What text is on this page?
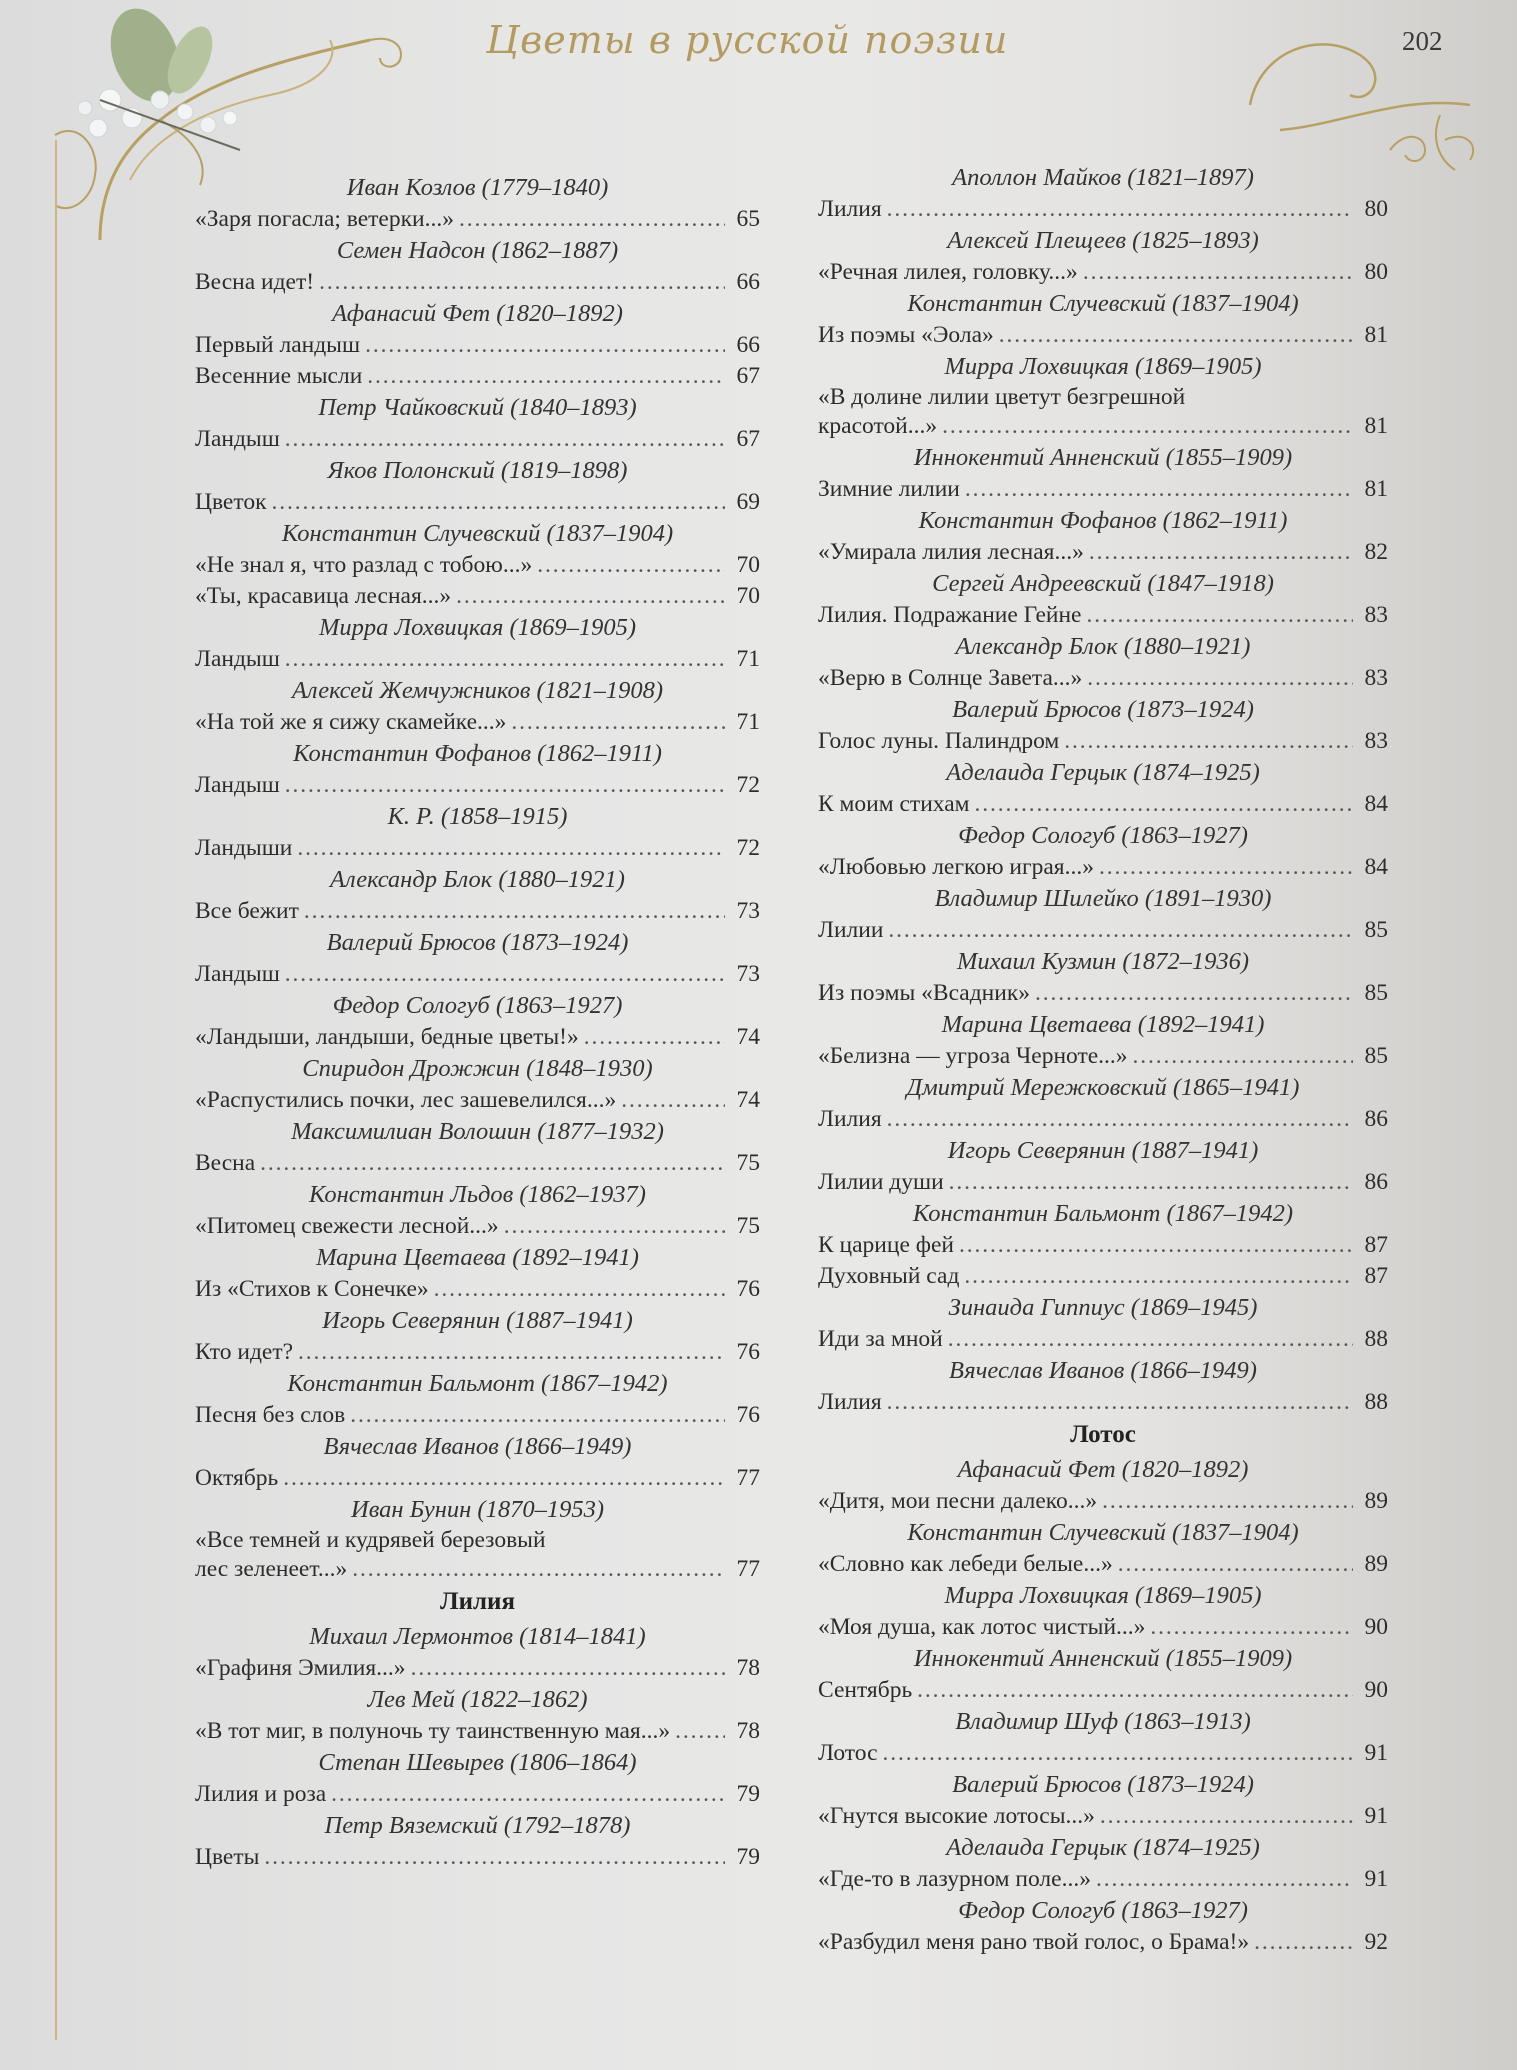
Цветы в русской поэзии	202
Иван Козлов (1779–1840)
«Заря погасла; ветерки...» . . .	65
Семен Надсон (1862–1887)
Весна идет! . . .	66
Афанасий Фет (1820–1892)
Первый ландыш . . .	66
Весенние мысли . . .	67
Петр Чайковский (1840–1893)
Ландыш . . .	67
Яков Полонский (1819–1898)
Цветок . . .	69
Константин Случевский (1837–1904)
«Не знал я, что разлад с тобою...» . . .	70
«Ты, красавица лесная...» . . .	70
Мирра Лохвицкая (1869–1905)
Ландыш . . .	71
Алексей Жемчужников (1821–1908)
«На той же я сижу скамейке...» . . .	71
Константин Фофанов (1862–1911)
Ландыш . . .	72
К. Р. (1858–1915)
Ландыши . . .	72
Александр Блок (1880–1921)
Все бежит . . .	73
Валерий Брюсов (1873–1924)
Ландыш . . .	73
Федор Сологуб (1863–1927)
«Ландыши, ландыши, бедные цветы!» . . .	74
Спиридон Дрожжин (1848–1930)
«Распустились почки, лес зашевелился...» . . .	74
Максимилиан Волошин (1877–1932)
Весна . . .	75
Константин Льдов (1862–1937)
«Питомец свежести лесной...» . . .	75
Марина Цветаева (1892–1941)
Из «Стихов к Сонечке» . . .	76
Игорь Северянин (1887–1941)
Кто идет? . . .	76
Константин Бальмонт (1867–1942)
Песня без слов . . .	76
Вячеслав Иванов (1866–1949)
Октябрь . . .	77
Иван Бунин (1870–1953)
«Все темней и кудрявей березовый
лес зеленеет...» . . .	77
Лилия
Михаил Лермонтов (1814–1841)
«Графиня Эмилия...» . . .	78
Лев Мей (1822–1862)
«В тот миг, в полуночь ту таинственную мая...» . . .	78
Степан Шевырев (1806–1864)
Лилия и роза . . .	79
Петр Вяземский (1792–1878)
Цветы . . .	79
Аполлон Майков (1821–1897)
Лилия . . .	80
Алексей Плещеев (1825–1893)
«Речная лилея, головку...» . . .	80
Константин Случевский (1837–1904)
Из поэмы «Эола» . . .	81
Мирра Лохвицкая (1869–1905)
«В долине лилии цветут безгрешной
красотой...» . . .	81
Иннокентий Анненский (1855–1909)
Зимние лилии . . .	81
Константин Фофанов (1862–1911)
«Умирала лилия лесная...» . . .	82
Сергей Андреевский (1847–1918)
Лилия. Подражание Гейне . . .	83
Александр Блок (1880–1921)
«Верю в Солнце Завета...» . . .	83
Валерий Брюсов (1873–1924)
Голос луны. Палиндром . . .	83
Аделаида Герцык (1874–1925)
К моим стихам . . .	84
Федор Сологуб (1863–1927)
«Любовью легкою играя...» . . .	84
Владимир Шилейко (1891–1930)
Лилии . . .	85
Михаил Кузмин (1872–1936)
Из поэмы «Всадник» . . .	85
Марина Цветаева (1892–1941)
«Белизна — угроза Черноте...» . . .	85
Дмитрий Мережковский (1865–1941)
Лилия . . .	86
Игорь Северянин (1887–1941)
Лилии души . . .	86
Константин Бальмонт (1867–1942)
К царице фей . . .	87
Духовный сад . . .	87
Зинаида Гиппиус (1869–1945)
Иди за мной . . .	88
Вячеслав Иванов (1866–1949)
Лилия . . .	88
Лотос
Афанасий Фет (1820–1892)
«Дитя, мои песни далеко...» . . .	89
Константин Случевский (1837–1904)
«Словно как лебеди белые...» . . .	89
Мирра Лохвицкая (1869–1905)
«Моя душа, как лотос чистый...» . . .	90
Иннокентий Анненский (1855–1909)
Сентябрь . . .	90
Владимир Шуф (1863–1913)
Лотос . . .	91
Валерий Брюсов (1873–1924)
«Гнутся высокие лотосы...» . . .	91
Аделаида Герцык (1874–1925)
«Где-то в лазурном поле...» . . .	91
Федор Сологуб (1863–1927)
«Разбудил меня рано твой голос, о Брама!» . . .	92
